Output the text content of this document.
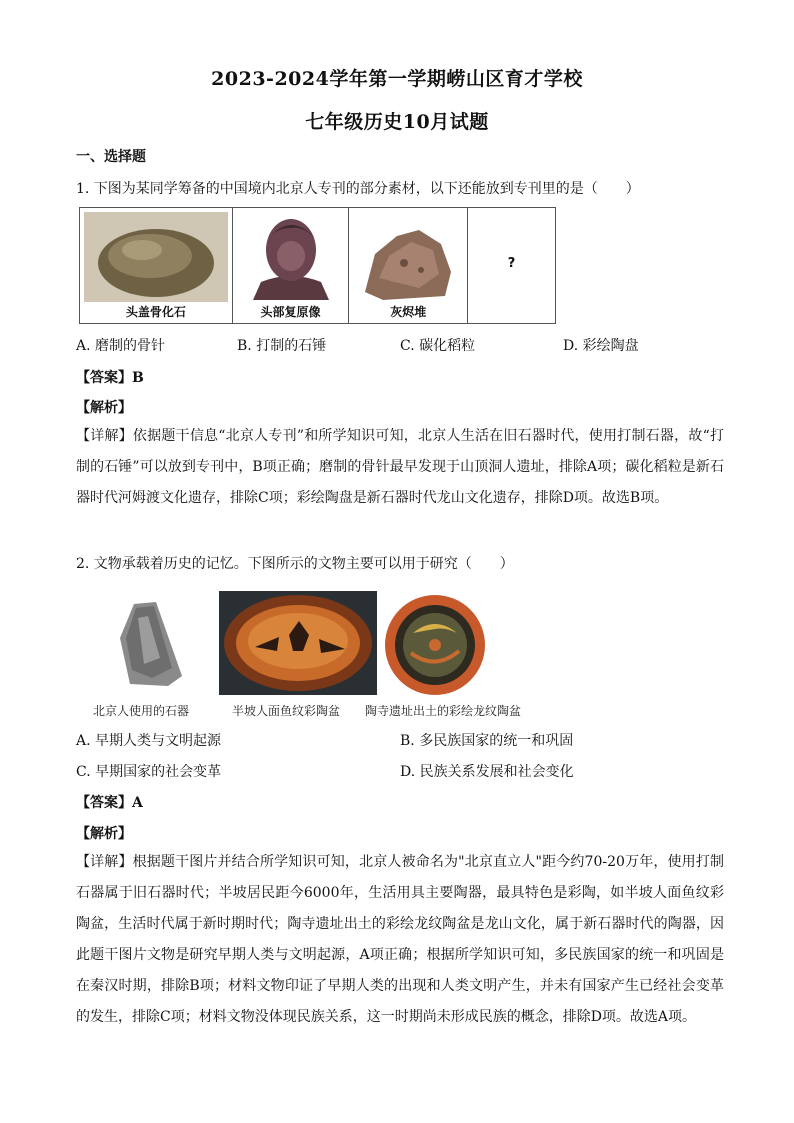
2023-2024学年第一学期崂山区育才学校
七年级历史10月试题
一、选择题
1. 下图为某同学筹备的中国境内北京人专刊的部分素材，以下还能放到专刊里的是（　　）
头盖骨化石	头部复原像	灰烬堆
?
A. 磨制的骨针	B. 打制的石锤	C. 碳化稻粒	D. 彩绘陶盘
【答案】B
【解析】
【详解】依据题干信息“北京人专刊”和所学知识可知，北京人生活在旧石器时代，使用打制石器，故“打制的石锤”可以放到专刊中，B项正确；磨制的骨针最早发现于山顶洞人遗址，排除A项；碳化稻粒是新石器时代河姆渡文化遗存，排除C项；彩绘陶盘是新石器时代龙山文化遗存，排除D项。故选B项。
2. 文物承载着历史的记忆。下图所示的文物主要可以用于研究（　　）
北京人使用的石器	半坡人面鱼纹彩陶盆 陶寺遗址出土的彩绘龙纹陶盆
A. 早期人类与文明起源	B. 多民族国家的统一和巩固
C. 早期国家的社会变革	D. 民族关系发展和社会变化
【答案】A
【解析】
【详解】根据题干图片并结合所学知识可知，北京人被命名为"北京直立人"距今约70-20万年，使用打制石器属于旧石器时代；半坡居民距今6000年，生活用具主要陶器，最具特色是彩陶，如半坡人面鱼纹彩陶盆，生活时代属于新时期时代；陶寺遗址出土的彩绘龙纹陶盆是龙山文化，属于新石器时代的陶器，因此题干图片文物是研究早期人类与文明起源，A项正确；根据所学知识可知，多民族国家的统一和巩固是在秦汉时期，排除B项；材料文物印证了早期人类的出现和人类文明产生，并未有国家产生已经社会变革的发生，排除C项；材料文物没体现民族关系，这一时期尚未形成民族的概念，排除D项。故选A项。
